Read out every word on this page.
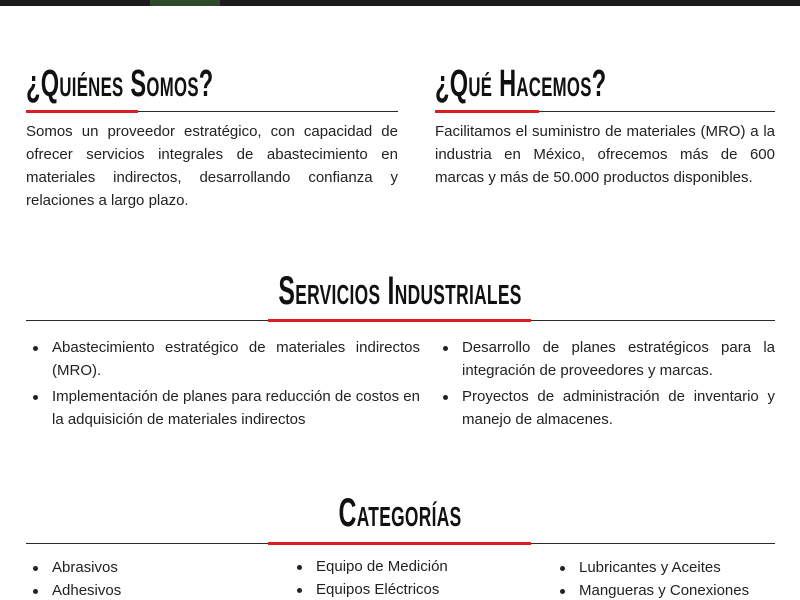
¿Quiénes Somos?

Somos un proveedor estratégico, con capacidad de ofrecer servicios integrales de abastecimiento en materiales indirectos, desarrollando confianza y relaciones a largo plazo.

¿Qué Hacemos?

Facilitamos el suministro de materiales (MRO) a la industria en México, ofrecemos más de 600 marcas y más de 50.000 productos disponibles.

Servicios Industriales
Abastecimiento estratégico de materiales indirectos (MRO).
Implementación de planes para reducción de costos en la adquisición de materiales indirectos
Desarrollo de planes estratégicos para la integración de proveedores y marcas.
Proyectos de administración de inventario y manejo de almacenes.
Categorías
Abrasivos
Adhesivos
Equipo de Medición
Equipos Eléctricos
Lubricantes y Aceites
Mangueras y Conexiones
